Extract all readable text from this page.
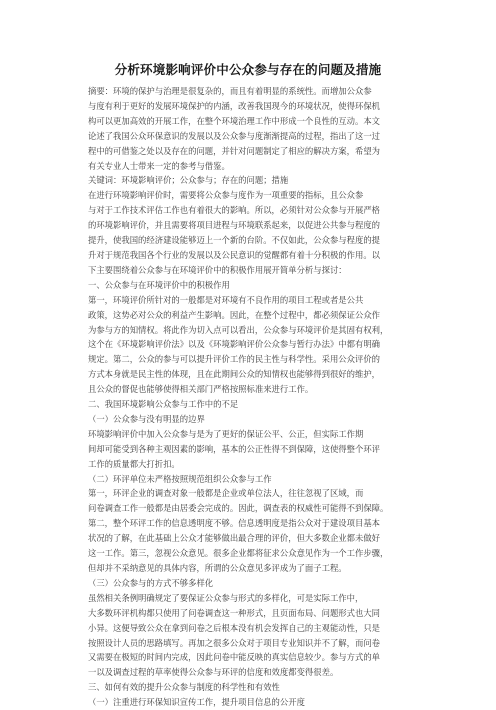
分析环境影响评价中公众参与存在的问题及措施
摘要：环境的保护与治理是很复杂的，而且有着明显的系统性。而增加公众参
与度有利于更好的发展环境保护的内涵，改善我国现今的环境状况，使得环保机
构可以更加高效的开展工作，在整个环境治理工作中形成一个良性的互动。本文
论述了我国公众环保意识的发展以及公众参与度渐渐提高的过程，指出了这一过
程中的可借鉴之处以及存在的问题，并针对问题制定了相应的解决方案，希望为
有关专业人士带来一定的参考与借鉴。
关键词：环境影响评价；公众参与；存在的问题；措施
在进行环境影响评价时，需要将公众参与度作为一项重要的指标，且公众参
与对于工作技术评估工作也有着很大的影响。所以，必须针对公众参与开展严格
的环境影响评价，并且需要将项目进程与环境联系起来，以促进公共参与程度的
提升，使我国的经济建设能够迈上一个新的台阶。不仅如此，公众参与程度的提
升对于规范我国各个行业的发展以及公民意识的觉醒都有着十分积极的作用。以
下主要围绕着公众参与在环境评价中的积极作用展开简单分析与探讨：
一、公众参与在环境评价中的积极作用
第一，环境评价所针对的一般都是对环境有不良作用的项目工程或者是公共
政策，这势必对公众的利益产生影响。因此，在整个过程中，都必须保证公众作
为参与方的知情权。将此作为切入点可以看出，公众参与环境评价是其固有权利，
这个在《环境影响评价法》以及《环境影响评价公众参与暂行办法》中都有明确
规定。第二，公众的参与可以提升评价工作的民主性与科学性。采用公众评价的
方式本身就是民主性的体现，且在此期间公众的知情权也能够得到很好的维护，
且公众的督促也能够使得相关部门严格按照标准来进行工作。
二、我国环境影响公众参与工作中的不足
（一）公众参与没有明显的边界
环境影响评价中加入公众参与是为了更好的保证公平、公正，但实际工作期
间却可能受到各种主观因素的影响，基本的公正性得不到保障，这使得整个环评
工作的质量都大打折扣。
（二）环评单位未严格按照规范组织公众参与工作
第一，环评企业的调查对象一般都是企业或单位法人，往往忽视了区域，而
问卷调查工作一般都是由居委会完成的。因此，调查表的权威性可能得不到保障。
第二，整个环评工作的信息透明度不够。信息透明度是指公众对于建设项目基本
状况的了解，在此基础上公众才能够做出最合理的评价，但大多数企业都未做好
这一工作。第三，忽视公众意见。很多企业都将征求公众意见作为一个工作步骤，
但却并不采纳意见的具体内容，所谓的公众意见多评成为了面子工程。
（三）公众参与的方式不够多样化
虽然相关条例明确规定了要保证公众参与形式的多样化，可是实际工作中，
大多数环评机构都只使用了问卷调查这一种形式，且页面布局、问题形式也大同
小异。这便导致公众在拿到问卷之后根本没有机会发挥自己的主观能动性，只是
按照设计人员的思路填写。再加之很多公众对于项目专业知识并不了解，而问卷
又需要在极短的时间内完成，因此问卷中能反映的真实信息较少。参与方式的单
一以及调查过程的草率使得公众参与环评的信度和效度都变得很差。
三、如何有效的提升公众参与制度的科学性和有效性
（一）注重进行环保知识宣传工作，提升项目信息的公开度
